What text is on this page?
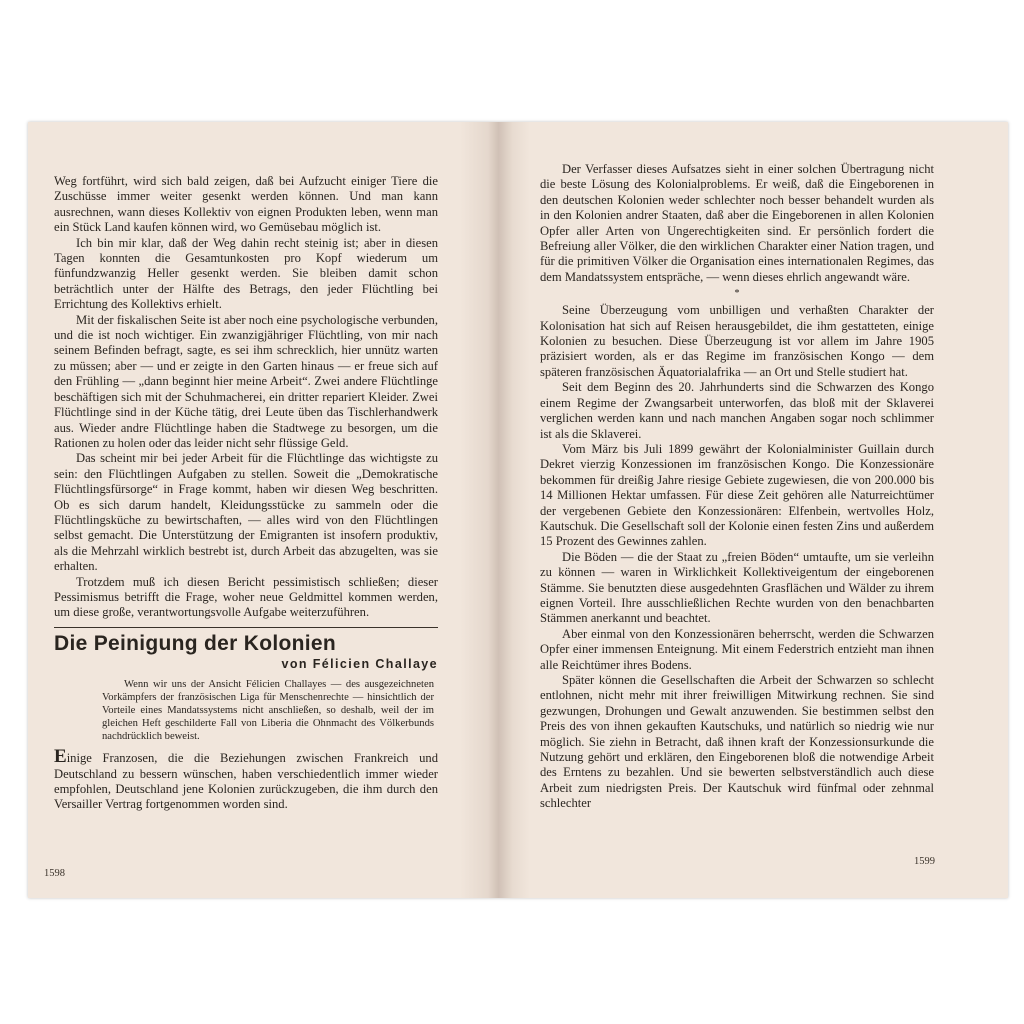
Weg fortführt, wird sich bald zeigen, daß bei Aufzucht einiger Tiere die Zuschüsse immer weiter gesenkt werden können. Und man kann ausrechnen, wann dieses Kollektiv von eignen Produkten leben, wenn man ein Stück Land kaufen können wird, wo Gemüsebau möglich ist.

Ich bin mir klar, daß der Weg dahin recht steinig ist; aber in diesen Tagen konnten die Gesamtunkosten pro Kopf wiederum um fünfundzwanzig Heller gesenkt werden. Sie bleiben damit schon beträchtlich unter der Hälfte des Betrags, den jeder Flüchtling bei Errichtung des Kollektivs erhielt.

Mit der fiskalischen Seite ist aber noch eine psychologische verbunden, und die ist noch wichtiger. Ein zwanzigjähriger Flüchtling, von mir nach seinem Befinden befragt, sagte, es sei ihm schrecklich, hier unnütz warten zu müssen; aber — und er zeigte in den Garten hinaus — er freue sich auf den Frühling — „dann beginnt hier meine Arbeit“. Zwei andere Flüchtlinge beschäftigen sich mit der Schuhmacherei, ein dritter repariert Kleider. Zwei Flüchtlinge sind in der Küche tätig, drei Leute üben das Tischlerhandwerk aus. Wieder andre Flüchtlinge haben die Stadtwege zu besorgen, um die Rationen zu holen oder das leider nicht sehr flüssige Geld.

Das scheint mir bei jeder Arbeit für die Flüchtlinge das wichtigste zu sein: den Flüchtlingen Aufgaben zu stellen. Soweit die „Demokratische Flüchtlingsfürsorge“ in Frage kommt, haben wir diesen Weg beschritten. Ob es sich darum handelt, Kleidungsstücke zu sammeln oder die Flüchtlingsküche zu bewirtschaften, — alles wird von den Flüchtlingen selbst gemacht. Die Unterstützung der Emigranten ist insofern produktiv, als die Mehrzahl wirklich bestrebt ist, durch Arbeit das abzugelten, was sie erhalten.

Trotzdem muß ich diesen Bericht pessimistisch schließen; dieser Pessimismus betrifft die Frage, woher neue Geldmittel kommen werden, um diese große, verantwortungsvolle Aufgabe weiterzuführen.

Die Peinigung der Kolonien
von Félicien Challaye

Wenn wir uns der Ansicht Félicien Challayes — des ausgezeichneten Vorkämpfers der französischen Liga für Menschenrechte — hinsichtlich der Vorteile eines Mandatssystems nicht anschließen, so deshalb, weil der im gleichen Heft geschilderte Fall von Liberia die Ohnmacht des Völkerbunds nachdrücklich beweist.

Einige Franzosen, die die Beziehungen zwischen Frankreich und Deutschland zu bessern wünschen, haben verschiedentlich immer wieder empfohlen, Deutschland jene Kolonien zurückzugeben, die ihm durch den Versailler Vertrag fortgenommen worden sind.

Der Verfasser dieses Aufsatzes sieht in einer solchen Übertragung nicht die beste Lösung des Kolonialproblems. Er weiß, daß die Eingeborenen in den deutschen Kolonien weder schlechter noch besser behandelt wurden als in den Kolonien andrer Staaten, daß aber die Eingeborenen in allen Kolonien Opfer aller Arten von Ungerechtigkeiten sind. Er persönlich fordert die Befreiung aller Völker, die den wirklichen Charakter einer Nation tragen, und für die primitiven Völker die Organisation eines internationalen Regimes, das dem Mandatssystem entspräche, — wenn dieses ehrlich angewandt wäre.

*

Seine Überzeugung vom unbilligen und verhaßten Charakter der Kolonisation hat sich auf Reisen herausgebildet, die ihm gestatteten, einige Kolonien zu besuchen. Diese Überzeugung ist vor allem im Jahre 1905 präzisiert worden, als er das Regime im französischen Kongo — dem späteren französischen Äquatorialafrika — an Ort und Stelle studiert hat.

Seit dem Beginn des 20. Jahrhunderts sind die Schwarzen des Kongo einem Regime der Zwangsarbeit unterworfen, das bloß mit der Sklaverei verglichen werden kann und nach manchen Angaben sogar noch schlimmer ist als die Sklaverei.

Vom März bis Juli 1899 gewährt der Kolonialminister Guillain durch Dekret vierzig Konzessionen im französischen Kongo. Die Konzessionäre bekommen für dreißig Jahre riesige Gebiete zugewiesen, die von 200.000 bis 14 Millionen Hektar umfassen. Für diese Zeit gehören alle Naturreichtümer der vergebenen Gebiete den Konzessionären: Elfenbein, wertvolles Holz, Kautschuk. Die Gesellschaft soll der Kolonie einen festen Zins und außerdem 15 Prozent des Gewinnes zahlen.

Die Böden — die der Staat zu „freien Böden“ umtaufte, um sie verleihn zu können — waren in Wirklichkeit Kollektiveigentum der eingeborenen Stämme. Sie benutzten diese ausgedehnten Grasflächen und Wälder zu ihrem eignen Vorteil. Ihre ausschließlichen Rechte wurden von den benachbarten Stämmen anerkannt und beachtet.

Aber einmal von den Konzessionären beherrscht, werden die Schwarzen Opfer einer immensen Enteignung. Mit einem Federstrich entzieht man ihnen alle Reichtümer ihres Bodens.

Später können die Gesellschaften die Arbeit der Schwarzen so schlecht entlohnen, nicht mehr mit ihrer freiwilligen Mitwirkung rechnen. Sie sind gezwungen, Drohungen und Gewalt anzuwenden. Sie bestimmen selbst den Preis des von ihnen gekauften Kautschuks, und natürlich so niedrig wie nur möglich. Sie ziehn in Betracht, daß ihnen kraft der Konzessionsurkunde die Nutzung gehört und erklären, den Eingeborenen bloß die notwendige Arbeit des Erntens zu bezahlen. Und sie bewerten selbstverständlich auch diese Arbeit zum niedrigsten Preis. Der Kautschuk wird fünfmal oder zehnmal schlechter

1598
1599
